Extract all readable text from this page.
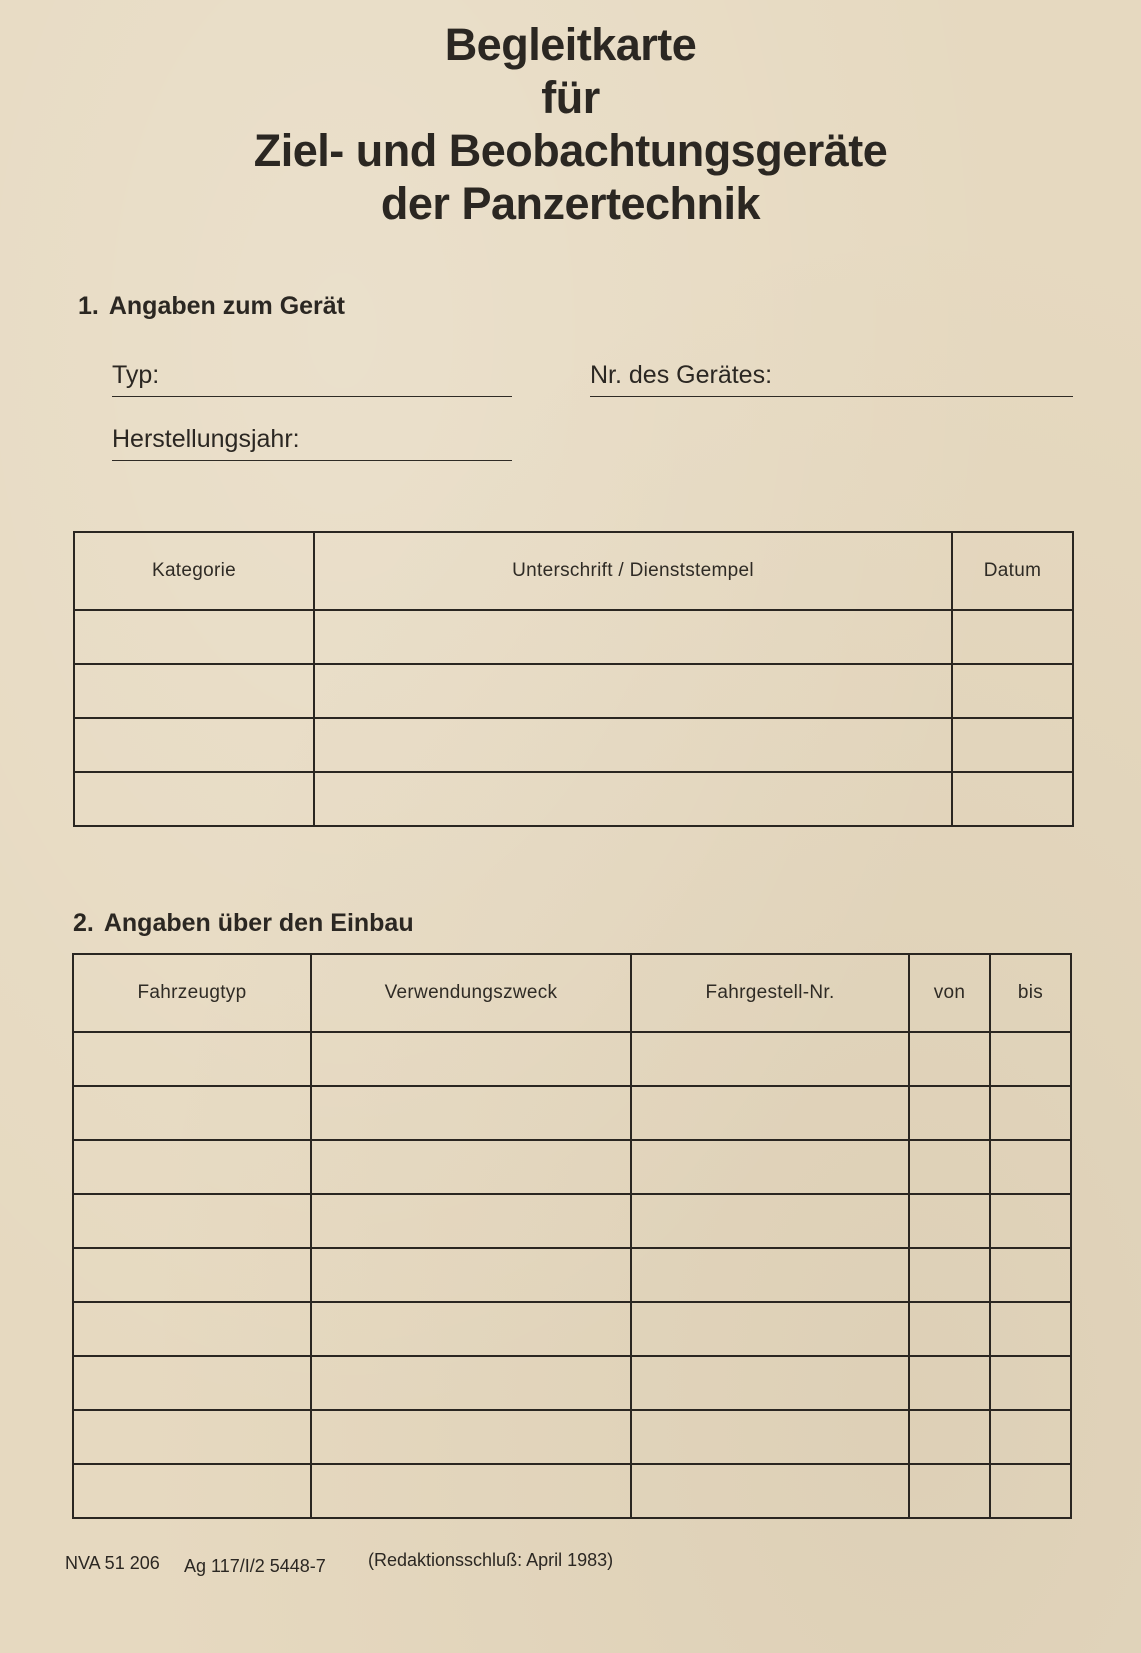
Begleitkarte
für
Ziel- und Beobachtungsgeräte
der Panzertechnik
1. Angaben zum Gerät
Typ:	Nr. des Gerätes:
Herstellungsjahr:
Kategorie	Unterschrift / Dienststempel	Datum

2. Angaben über den Einbau
Fahrzeugtyp	Verwendungszweck	Fahrgestell-Nr.	von	bis

NVA 51 206 Ag 117/I/2 5448-7 (Redaktionsschluß: April 1983)
